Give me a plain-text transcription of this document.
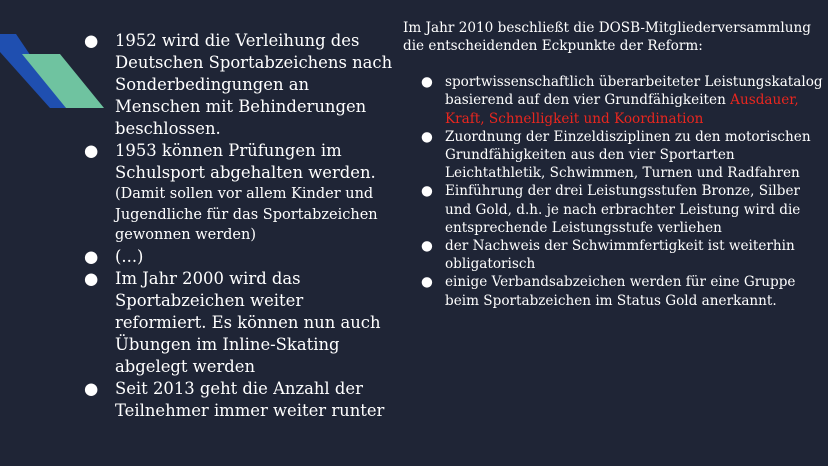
● 1952 wird die Verleihung des Deutschen Sportabzeichens nach Sonderbedingungen an Menschen mit Behinderungen beschlossen.
● 1953 können Prüfungen im Schulsport abgehalten werden.
(Damit sollen vor allem Kinder und Jugendliche für das Sportabzeichen gewonnen werden)
● (...)
● Im Jahr 2000 wird das Sportabzeichen weiter reformiert. Es können nun auch Übungen im Inline-Skating abgelegt werden
● Seit 2013 geht die Anzahl der Teilnehmer immer weiter runter
Im Jahr 2010 beschließt die DOSB-Mitgliederversammlung die entscheidenden Eckpunkte der Reform:
● sportwissenschaftlich überarbeiteter Leistungskatalog basierend auf den vier Grundfähigkeiten Ausdauer, Kraft, Schnelligkeit und Koordination
● Zuordnung der Einzeldisziplinen zu den motorischen Grundfähigkeiten aus den vier Sportarten Leichtathletik, Schwimmen, Turnen und Radfahren
● Einführung der drei Leistungsstufen Bronze, Silber und Gold, d.h. je nach erbrachter Leistung wird die entsprechende Leistungsstufe verliehen
● der Nachweis der Schwimmfertigkeit ist weiterhin obligatorisch
● einige Verbandsabzeichen werden für eine Gruppe beim Sportabzeichen im Status Gold anerkannt.
